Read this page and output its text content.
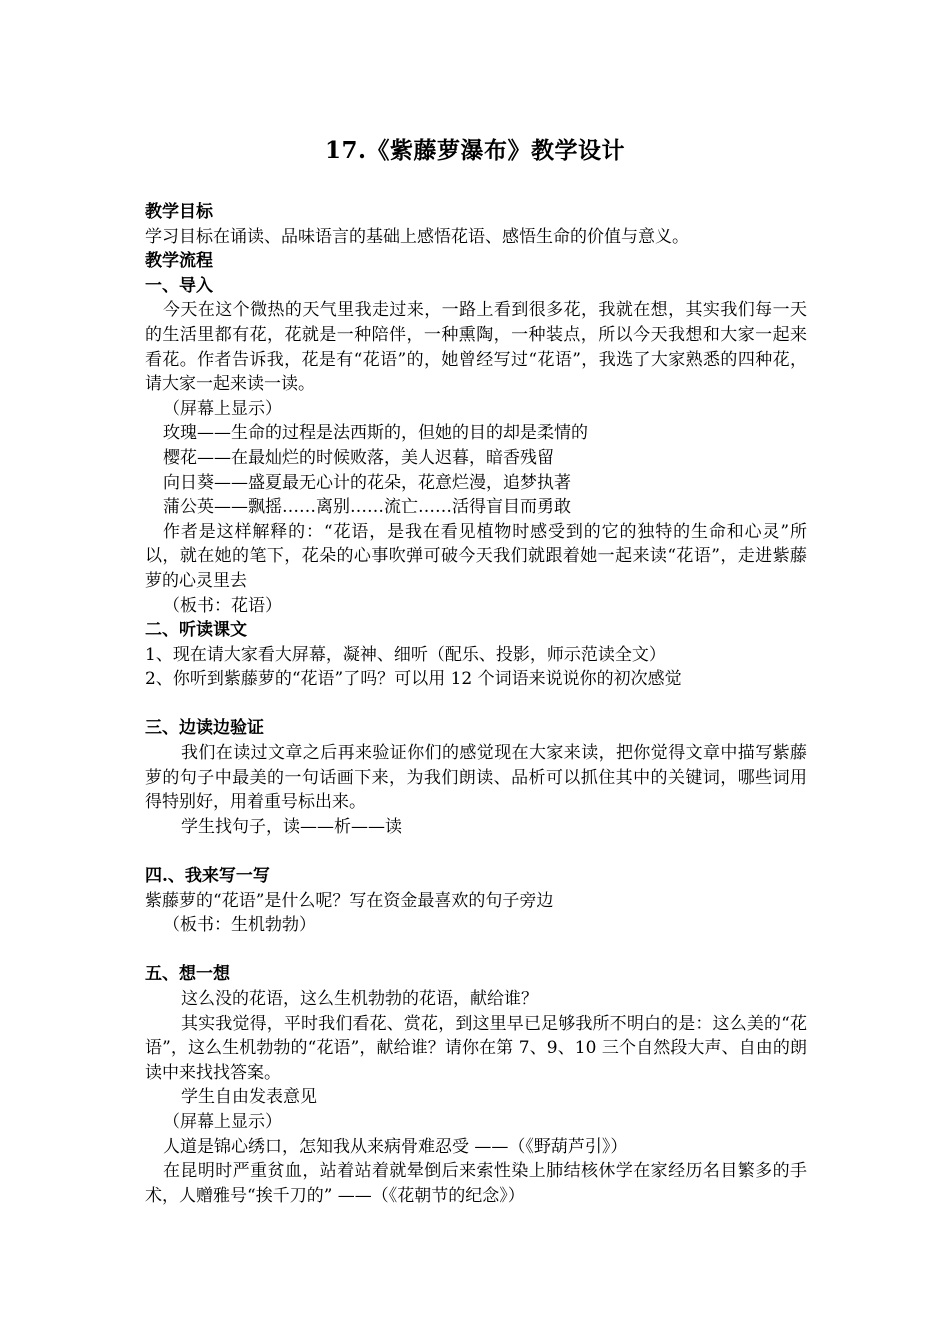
17.《紫藤萝瀑布》教学设计
教学目标
学习目标在诵读、品味语言的基础上感悟花语、感悟生命的价值与意义。
教学流程
一、导入
今天在这个微热的天气里我走过来，一路上看到很多花，我就在想，其实我们每一天的生活里都有花，花就是一种陪伴，一种熏陶，一种装点，所以今天我想和大家一起来看花。作者告诉我，花是有“花语”的，她曾经写过“花语”，我选了大家熟悉的四种花，请大家一起来读一读。
（屏幕上显示）
玫瑰——生命的过程是法西斯的，但她的目的却是柔情的
樱花——在最灿烂的时候败落，美人迟暮，暗香残留
向日葵——盛夏最无心计的花朵，花意烂漫，追梦执著
蒲公英——飘摇……离别……流亡……活得盲目而勇敢
作者是这样解释的：“花语，是我在看见植物时感受到的它的独特的生命和心灵”所以，就在她的笔下，花朵的心事吹弹可破今天我们就跟着她一起来读“花语”，走进紫藤萝的心灵里去
（板书：花语）
二、听读课文
1、现在请大家看大屏幕，凝神、细听（配乐、投影，师示范读全文）
2、你听到紫藤萝的“花语”了吗？可以用 12 个词语来说说你的初次感觉
三、边读边验证
我们在读过文章之后再来验证你们的感觉现在大家来读，把你觉得文章中描写紫藤萝的句子中最美的一句话画下来，为我们朗读、品析可以抓住其中的关键词，哪些词用得特别好，用着重号标出来。
学生找句子，读——析——读
四.、我来写一写
紫藤萝的“花语”是什么呢？写在资金最喜欢的句子旁边
（板书：生机勃勃）
五、想一想
这么没的花语，这么生机勃勃的花语，献给谁？
其实我觉得，平时我们看花、赏花，到这里早已足够我所不明白的是：这么美的“花语”，这么生机勃勃的“花语”，献给谁？请你在第 7、9、10 三个自然段大声、自由的朗读中来找找答案。
学生自由发表意见
（屏幕上显示）
人道是锦心绣口，怎知我从来病骨难忍受 ——（《野葫芦引》）
在昆明时严重贫血，站着站着就晕倒后来索性染上肺结核休学在家经历名目繁多的手术，人赠雅号“挨千刀的” ——（《花朝节的纪念》）
